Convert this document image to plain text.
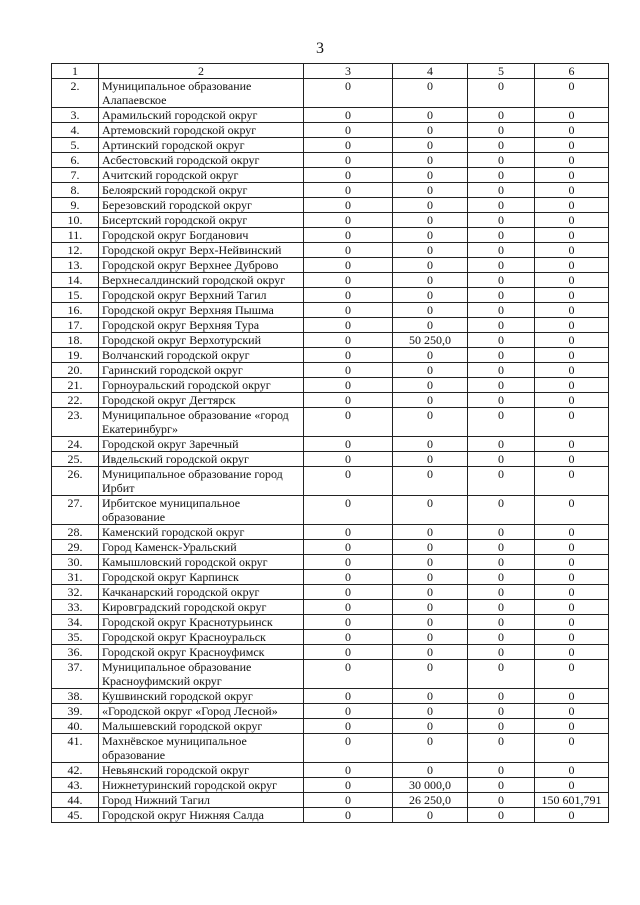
3
1	2	3	4	5	6
2.	Муниципальное образование Алапаевское	0	0	0	0
3.	Арамильский городской округ	0	0	0	0
4.	Артемовский городской округ	0	0	0	0
5.	Артинский городской округ	0	0	0	0
6.	Асбестовский городской округ	0	0	0	0
7.	Ачитский городской округ	0	0	0	0
8.	Белоярский городской округ	0	0	0	0
9.	Березовский городской округ	0	0	0	0
10.	Бисертский городской округ	0	0	0	0
11.	Городской округ Богданович	0	0	0	0
12.	Городской округ Верх-Нейвинский	0	0	0	0
13.	Городской округ Верхнее Дуброво	0	0	0	0
14.	Верхнесалдинский городской округ	0	0	0	0
15.	Городской округ Верхний Тагил	0	0	0	0
16.	Городской округ Верхняя Пышма	0	0	0	0
17.	Городской округ Верхняя Тура	0	0	0	0
18.	Городской округ Верхотурский	0	50 250,0	0	0
19.	Волчанский городской округ	0	0	0	0
20.	Гаринский городской округ	0	0	0	0
21.	Горноуральский городской округ	0	0	0	0
22.	Городской округ Дегтярск	0	0	0	0
23.	Муниципальное образование «город Екатеринбург»	0	0	0	0
24.	Городской округ Заречный	0	0	0	0
25.	Ивдельский городской округ	0	0	0	0
26.	Муниципальное образование город Ирбит	0	0	0	0
27.	Ирбитское муниципальное образование	0	0	0	0
28.	Каменский городской округ	0	0	0	0
29.	Город Каменск-Уральский	0	0	0	0
30.	Камышловский городской округ	0	0	0	0
31.	Городской округ Карпинск	0	0	0	0
32.	Качканарский городской округ	0	0	0	0
33.	Кировградский городской округ	0	0	0	0
34.	Городской округ Краснотурьинск	0	0	0	0
35.	Городской округ Красноуральск	0	0	0	0
36.	Городской округ Красноуфимск	0	0	0	0
37.	Муниципальное образование Красноуфимский округ	0	0	0	0
38.	Кушвинский городской округ	0	0	0	0
39.	«Городской округ «Город Лесной»	0	0	0	0
40.	Малышевский городской округ	0	0	0	0
41.	Махнёвское муниципальное образование	0	0	0	0
42.	Невьянский городской округ	0	0	0	0
43.	Нижнетуринский городской округ	0	30 000,0	0	0
44.	Город Нижний Тагил	0	26 250,0	0	150 601,791
45.	Городской округ Нижняя Салда	0	0	0	0
